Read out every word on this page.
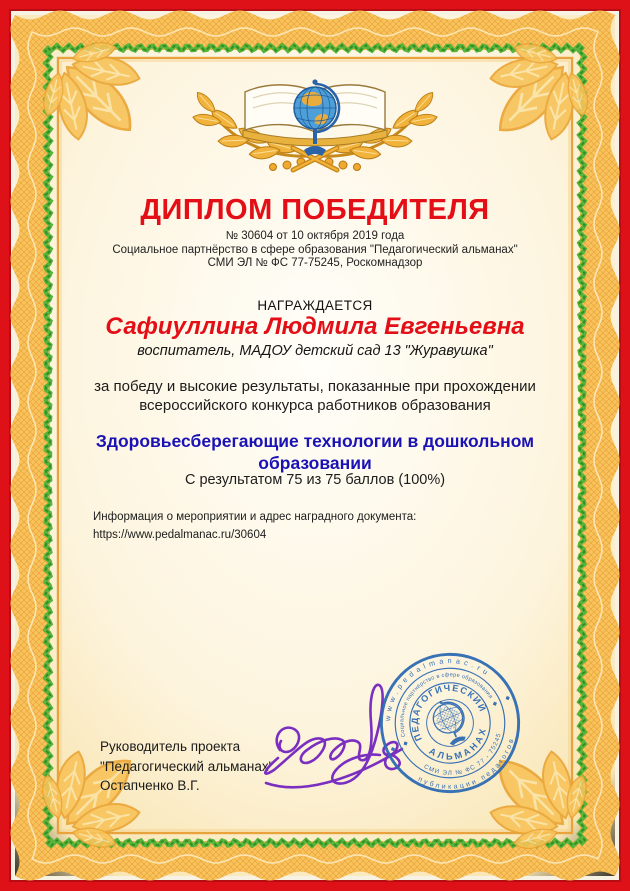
ДИПЛОМ ПОБЕДИТЕЛЯ
№ 30604 от 10 октября 2019 года
Социальное партнёрство в сфере образования "Педагогический альманах"
СМИ ЭЛ № ФС 77-75245, Роскомнадзор
НАГРАЖДАЕТСЯ
Сафиуллина Людмила Евгеньевна
воспитатель, МАДОУ детский сад 13 "Журавушка"
за победу и высокие результаты, показанные при прохождении всероссийского конкурса работников образования
Здоровьесберегающие технологии в дошкольном образовании
С результатом 75 из 75 баллов (100%)
Информация о мероприятии и адрес наградного документа:
https://www.pedalmanac.ru/30604
Руководитель проекта
"Педагогический альманах"
Остапченко В.Г.
www.pedalmanac.ru
публикации педагогов
Социальное партнёрство в сфере образования
СМИ ЭЛ № ФС 77 - 75245
ПЕДАГОГИЧЕСКИЙ
АЛЬМАНАХ
◆
◆
◆
◆
